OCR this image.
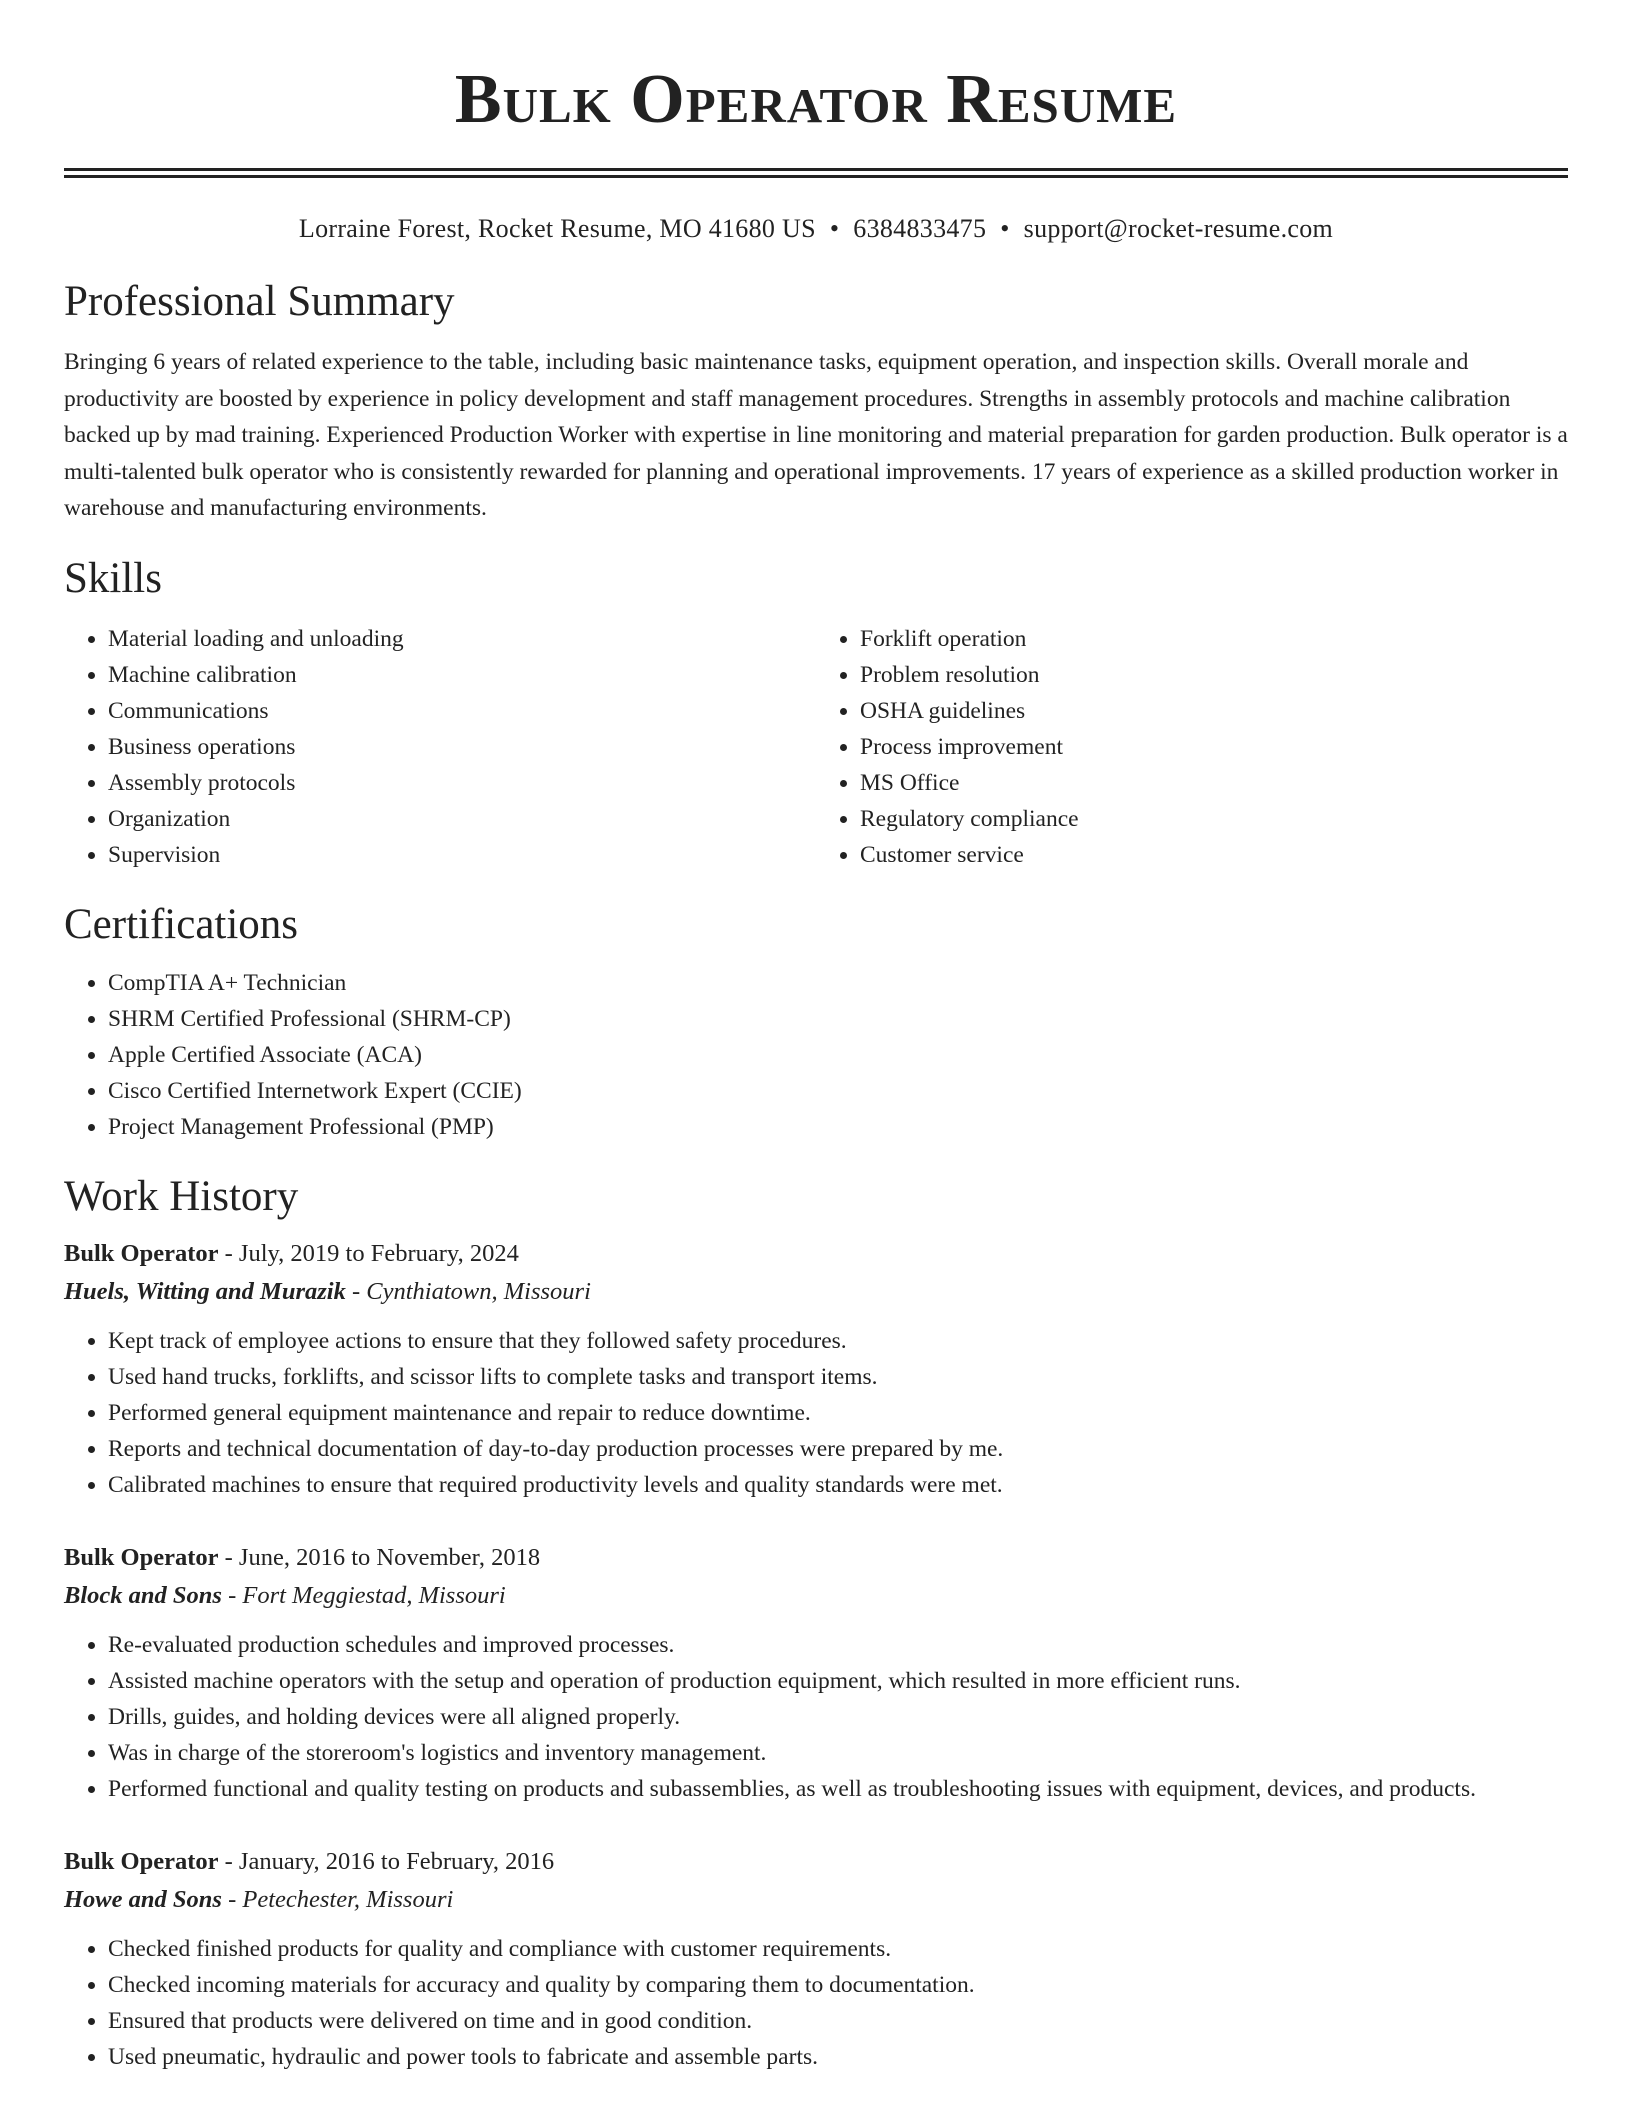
Bulk Operator Resume
Lorraine Forest, Rocket Resume, MO 41680 US • 6384833475 • support@rocket-resume.com
Professional Summary

Bringing 6 years of related experience to the table, including basic maintenance tasks, equipment operation, and inspection skills. Overall morale and productivity are boosted by experience in policy development and staff management procedures. Strengths in assembly protocols and machine calibration backed up by mad training. Experienced Production Worker with expertise in line monitoring and material preparation for garden production. Bulk operator is a multi-talented bulk operator who is consistently rewarded for planning and operational improvements. 17 years of experience as a skilled production worker in warehouse and manufacturing environments.

Skills
• Material loading and unloading
• Machine calibration
• Communications
• Business operations
• Assembly protocols
• Organization
• Supervision
• Forklift operation
• Problem resolution
• OSHA guidelines
• Process improvement
• MS Office
• Regulatory compliance
• Customer service
Certifications
• CompTIA A+ Technician
• SHRM Certified Professional (SHRM-CP)
• Apple Certified Associate (ACA)
• Cisco Certified Internetwork Expert (CCIE)
• Project Management Professional (PMP)
Work History
Bulk Operator - July, 2019 to February, 2024
Huels, Witting and Murazik - Cynthiatown, Missouri
• Kept track of employee actions to ensure that they followed safety procedures.
• Used hand trucks, forklifts, and scissor lifts to complete tasks and transport items.
• Performed general equipment maintenance and repair to reduce downtime.
• Reports and technical documentation of day-to-day production processes were prepared by me.
• Calibrated machines to ensure that required productivity levels and quality standards were met.
Bulk Operator - June, 2016 to November, 2018
Block and Sons - Fort Meggiestad, Missouri
• Re-evaluated production schedules and improved processes.
• Assisted machine operators with the setup and operation of production equipment, which resulted in more efficient runs.
• Drills, guides, and holding devices were all aligned properly.
• Was in charge of the storeroom's logistics and inventory management.
• Performed functional and quality testing on products and subassemblies, as well as troubleshooting issues with equipment, devices, and products.
Bulk Operator - January, 2016 to February, 2016
Howe and Sons - Petechester, Missouri
• Checked finished products for quality and compliance with customer requirements.
• Checked incoming materials for accuracy and quality by comparing them to documentation.
• Ensured that products were delivered on time and in good condition.
• Used pneumatic, hydraulic and power tools to fabricate and assemble parts.
